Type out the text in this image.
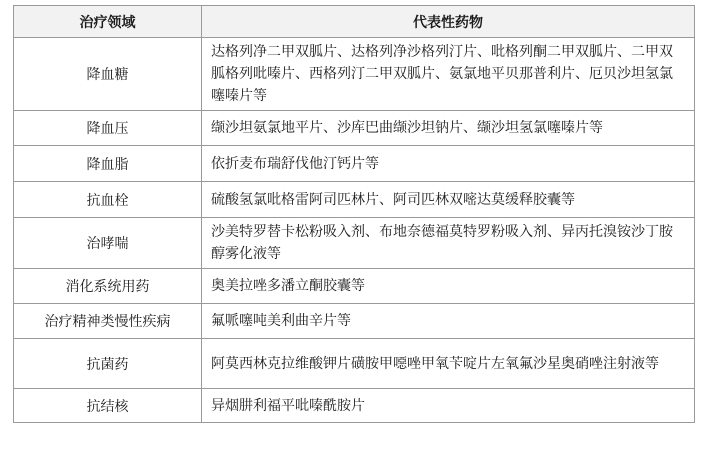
治疗领域	代表性药物
降血糖	达格列净二甲双胍片、达格列净沙格列汀片、吡格列酮二甲双胍片、二甲双胍格列吡嗪片、西格列汀二甲双胍片、氨氯地平贝那普利片、厄贝沙坦氢氯噻嗪片等
降血压	缬沙坦氨氯地平片、沙库巴曲缬沙坦钠片、缬沙坦氢氯噻嗪片等
降血脂	依折麦布瑞舒伐他汀钙片等
抗血栓	硫酸氢氯吡格雷阿司匹林片、阿司匹林双嘧达莫缓释胶囊等
治哮喘	沙美特罗替卡松粉吸入剂、布地奈德福莫特罗粉吸入剂、异丙托溴铵沙丁胺醇雾化液等
消化系统用药	奥美拉唑多潘立酮胶囊等
治疗精神类慢性疾病	氟哌噻吨美利曲辛片等
抗菌药	阿莫西林克拉维酸钾片磺胺甲噁唑甲氧苄啶片左氧氟沙星奥硝唑注射液等
抗结核	异烟肼利福平吡嗪酰胺片
